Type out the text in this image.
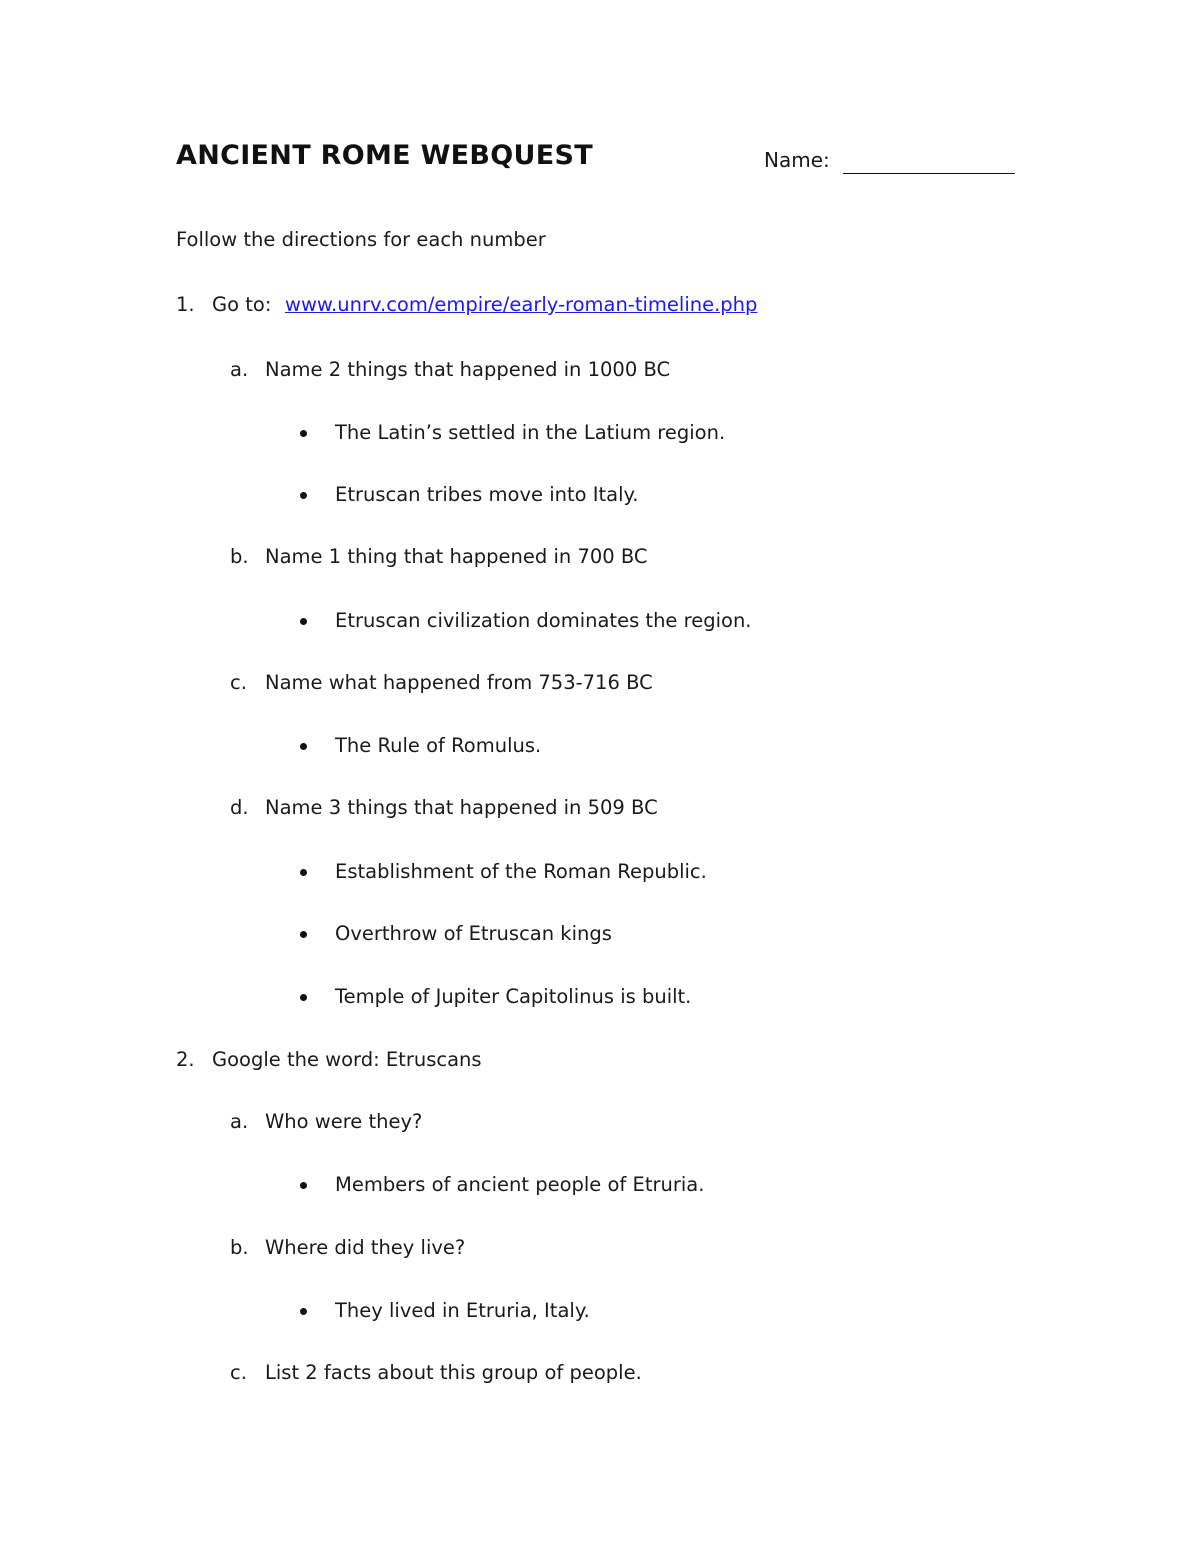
ANCIENT ROME WEBQUEST	Name:
Follow the directions for each number
1. Go to: www.unrv.com/empire/early-roman-timeline.php
a. Name 2 things that happened in 1000 BC
The Latin’s settled in the Latium region.
Etruscan tribes move into Italy.
b. Name 1 thing that happened in 700 BC
Etruscan civilization dominates the region.
c. Name what happened from 753-716 BC
The Rule of Romulus.
d. Name 3 things that happened in 509 BC
Establishment of the Roman Republic.
Overthrow of Etruscan kings
Temple of Jupiter Capitolinus is built.
2. Google the word: Etruscans
a. Who were they?
Members of ancient people of Etruria.
b. Where did they live?
They lived in Etruria, Italy.
c. List 2 facts about this group of people.
